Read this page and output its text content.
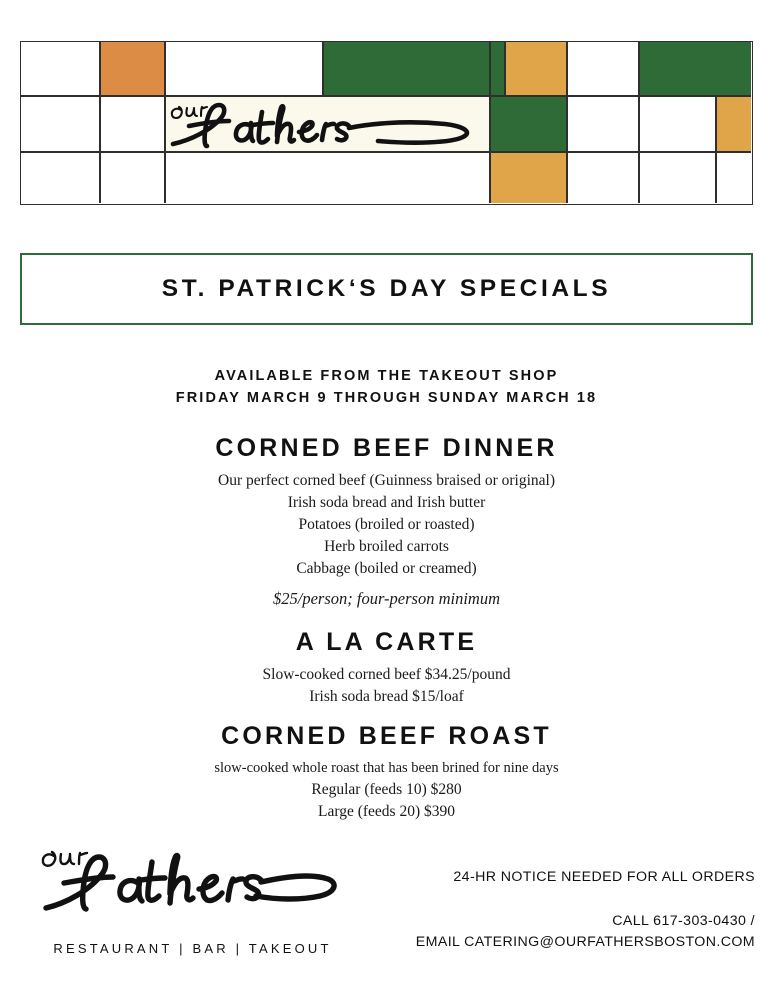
ST. PATRICK‘S DAY SPECIALS
AVAILABLE FROM THE TAKEOUT SHOP
FRIDAY MARCH 9 THROUGH SUNDAY MARCH 18
CORNED BEEF DINNER
Our perfect corned beef (Guinness braised or original)
Irish soda bread and Irish butter
Potatoes (broiled or roasted)
Herb broiled carrots
Cabbage (boiled or creamed)
$25/person; four-person minimum
A LA CARTE
Slow-cooked corned beef $34.25/pound
Irish soda bread $15/loaf
CORNED BEEF ROAST
slow-cooked whole roast that has been brined for nine days
Regular (feeds 10) $280
Large (feeds 20) $390
RESTAURANT | BAR | TAKEOUT
24-HR NOTICE NEEDED FOR ALL ORDERS
CALL 617-303-0430 /
EMAIL CATERING@OURFATHERSBOSTON.COM
